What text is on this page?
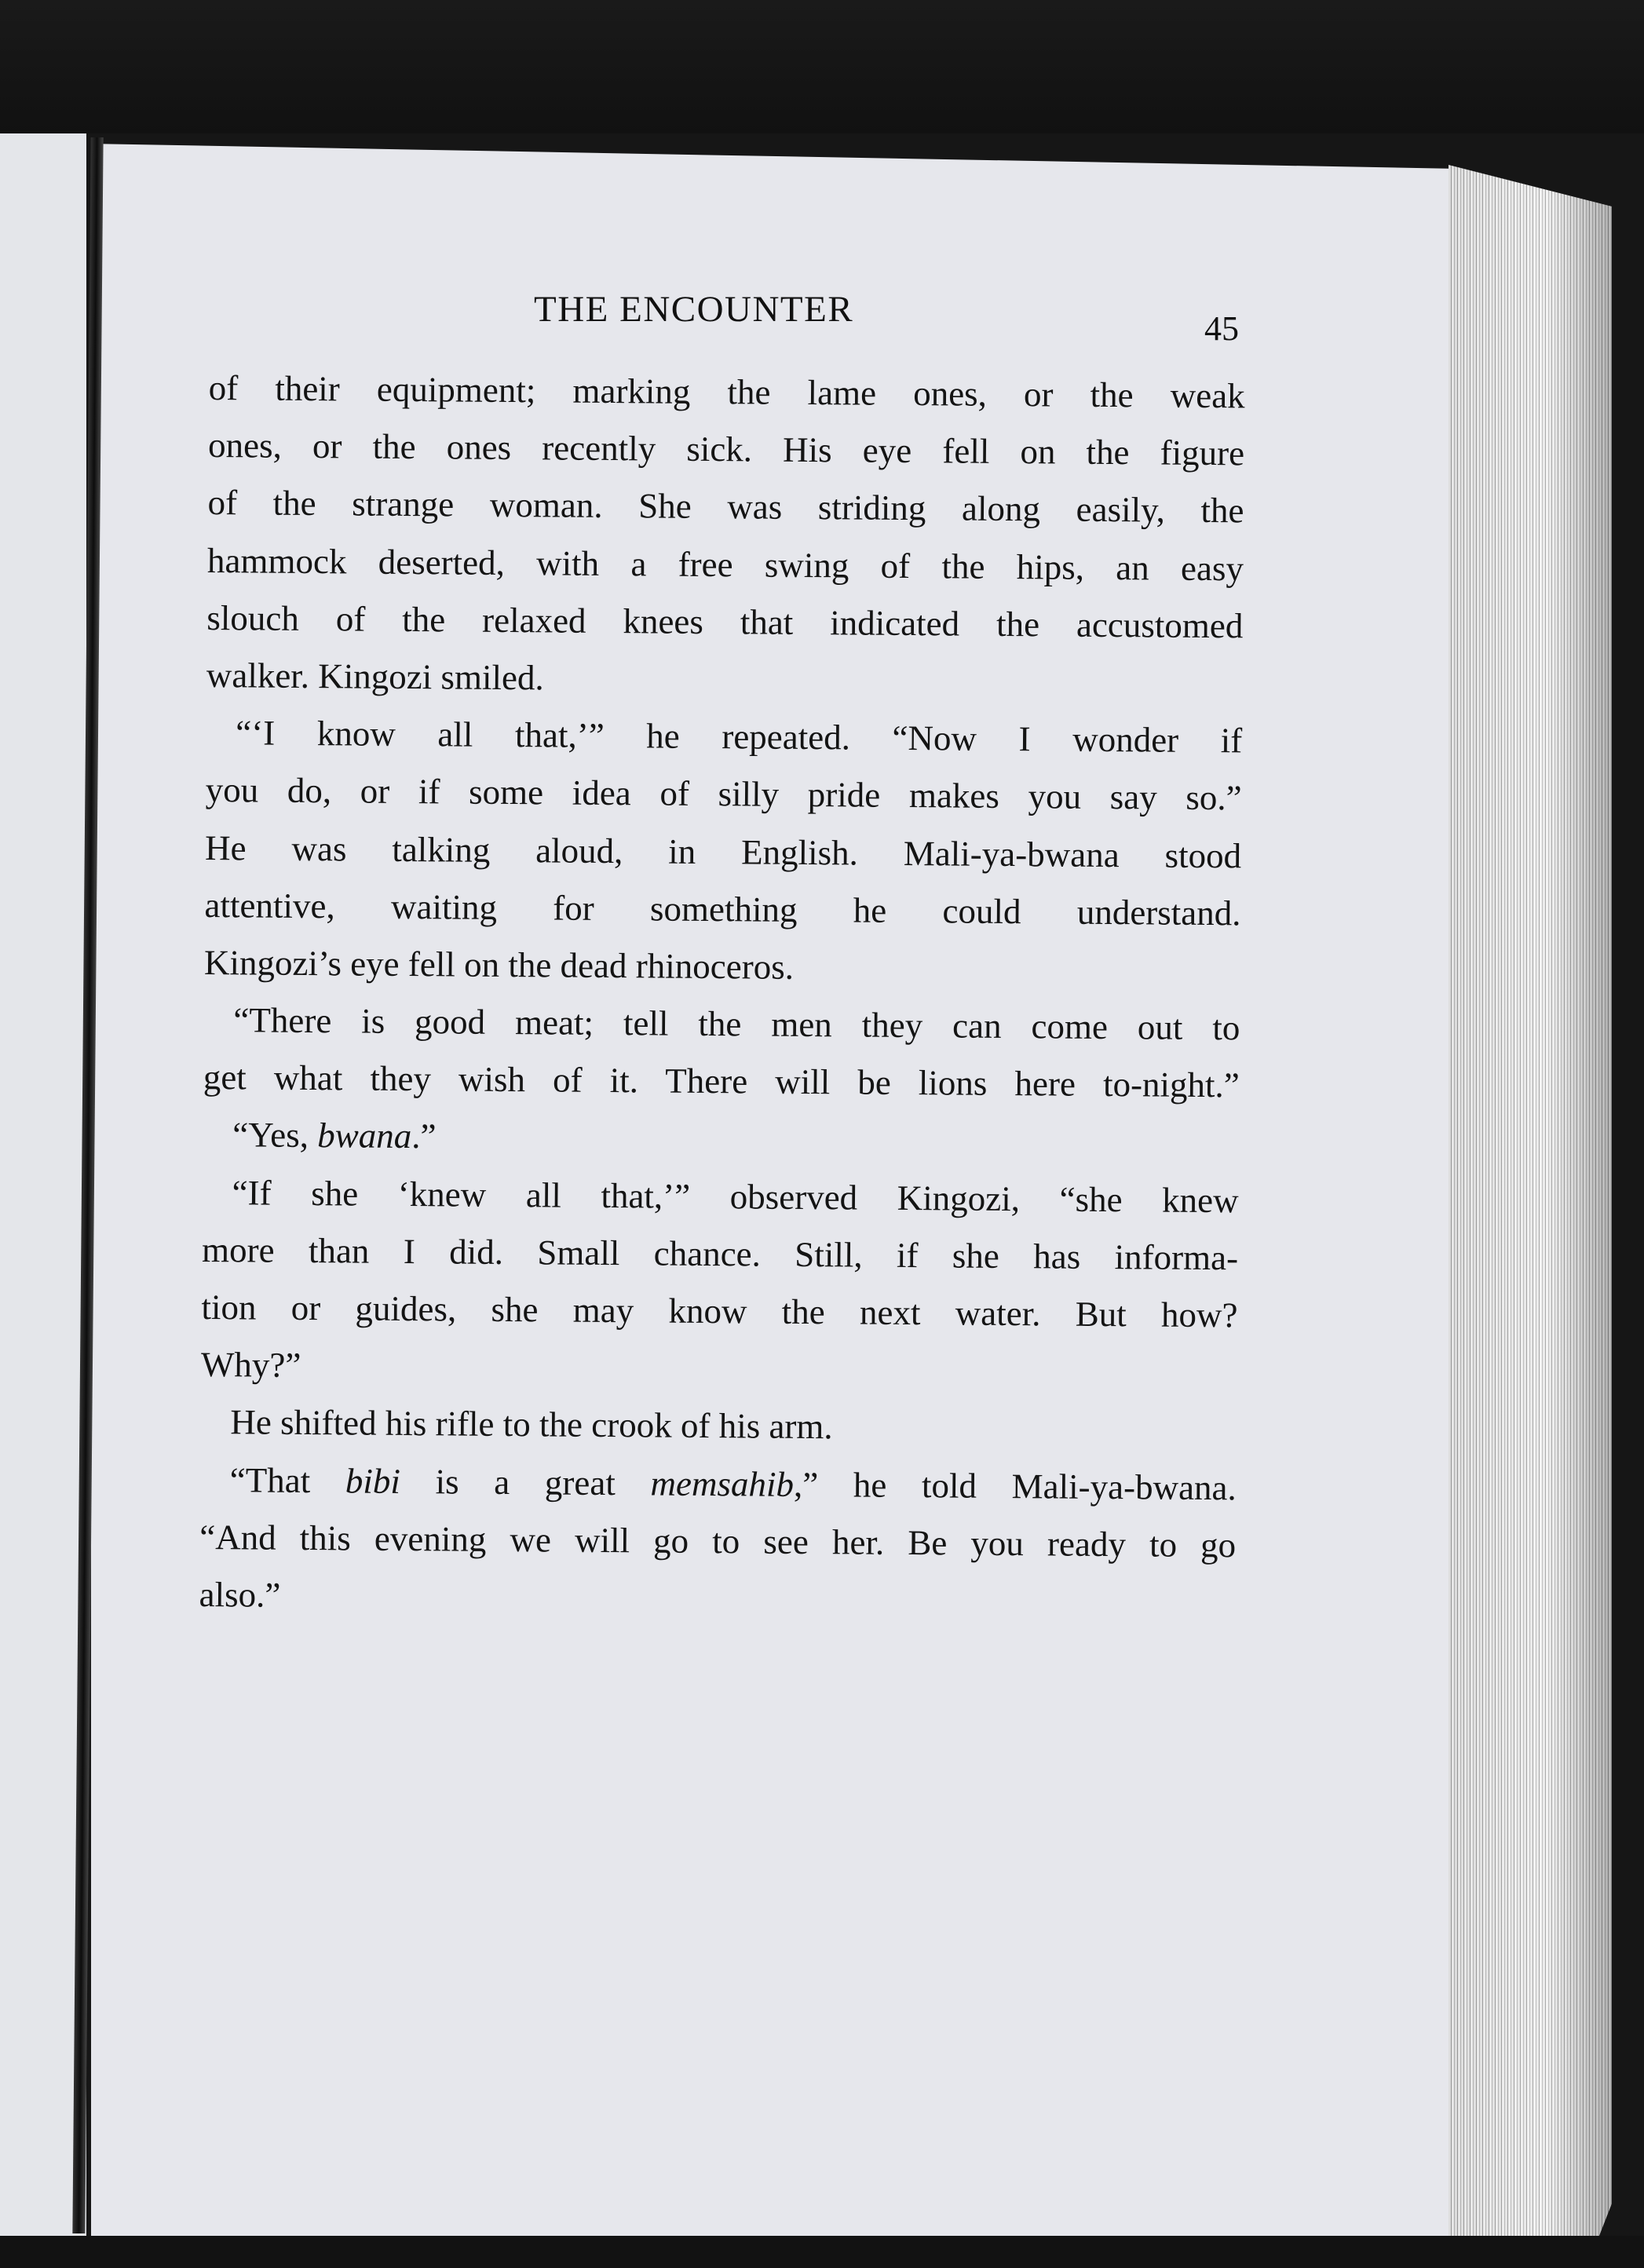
THE ENCOUNTER	45
of their equipment; marking the lame ones, or the weak
ones, or the ones recently sick. His eye fell on the figure
of the strange woman. She was striding along easily, the
hammock deserted, with a free swing of the hips, an easy
slouch of the relaxed knees that indicated the accustomed
walker. Kingozi smiled.
“‘I know all that,’” he repeated. “Now I wonder if
you do, or if some idea of silly pride makes you say so.”
He was talking aloud, in English. Mali-ya-bwana stood
attentive, waiting for something he could understand.
Kingozi’s eye fell on the dead rhinoceros.
“There is good meat; tell the men they can come out to
get what they wish of it. There will be lions here to-night.”
“Yes, bwana.”
“If she ‘knew all that,’” observed Kingozi, “she knew
more than I did. Small chance. Still, if she has informa-
tion or guides, she may know the next water. But how?
Why?”
He shifted his rifle to the crook of his arm.
“That bibi is a great memsahib,” he told Mali-ya-bwana.
“And this evening we will go to see her. Be you ready to go
also.”
